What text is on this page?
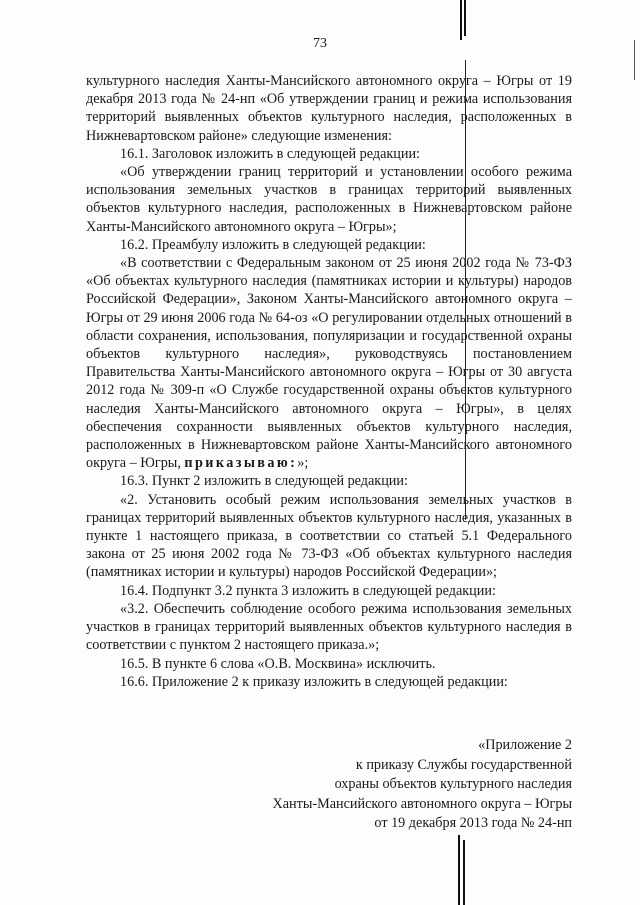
73

культурного наследия Ханты-Мансийского автономного округа – Югры от 19 декабря 2013 года № 24-нп «Об утверждении границ и режима использования территорий выявленных объектов культурного наследия, расположенных в Нижневартовском районе» следующие изменения:

16.1. Заголовок изложить в следующей редакции:

«Об утверждении границ территорий и установлении особого режима использования земельных участков в границах территорий выявленных объектов культурного наследия, расположенных в Нижневартовском районе Ханты-Мансийского автономного округа – Югры»;

16.2. Преамбулу изложить в следующей редакции:

«В соответствии с Федеральным законом от 25 июня 2002 года № 73-ФЗ «Об объектах культурного наследия (памятниках истории и культуры) народов Российской Федерации», Законом Ханты-Мансийского автономного округа – Югры от 29 июня 2006 года № 64-оз «О регулировании отдельных отношений в области сохранения, использования, популяризации и государственной охраны объектов культурного наследия», руководствуясь постановлением Правительства Ханты-Мансийского автономного округа – Югры от 30 августа 2012 года № 309-п «О Службе государственной охраны объектов культурного наследия Ханты-Мансийского автономного округа – Югры», в целях обеспечения сохранности выявленных объектов культурного наследия, расположенных в Нижневартовском районе Ханты-Мансийского автономного округа – Югры, приказываю:»;

16.3. Пункт 2 изложить в следующей редакции:

«2. Установить особый режим использования земельных участков в границах территорий выявленных объектов культурного наследия, указанных в пункте 1 настоящего приказа, в соответствии со статьей 5.1 Федерального закона от 25 июня 2002 года № 73-ФЗ «Об объектах культурного наследия (памятниках истории и культуры) народов Российской Федерации»;

16.4. Подпункт 3.2 пункта 3 изложить в следующей редакции:

«3.2. Обеспечить соблюдение особого режима использования земельных участков в границах территорий выявленных объектов культурного наследия в соответствии с пунктом 2 настоящего приказа.»;

16.5. В пункте 6 слова «О.В. Москвина» исключить.

16.6. Приложение 2 к приказу изложить в следующей редакции:

«Приложение 2
к приказу Службы государственной
охраны объектов культурного наследия
Ханты-Мансийского автономного округа – Югры
от 19 декабря 2013 года № 24-нп
